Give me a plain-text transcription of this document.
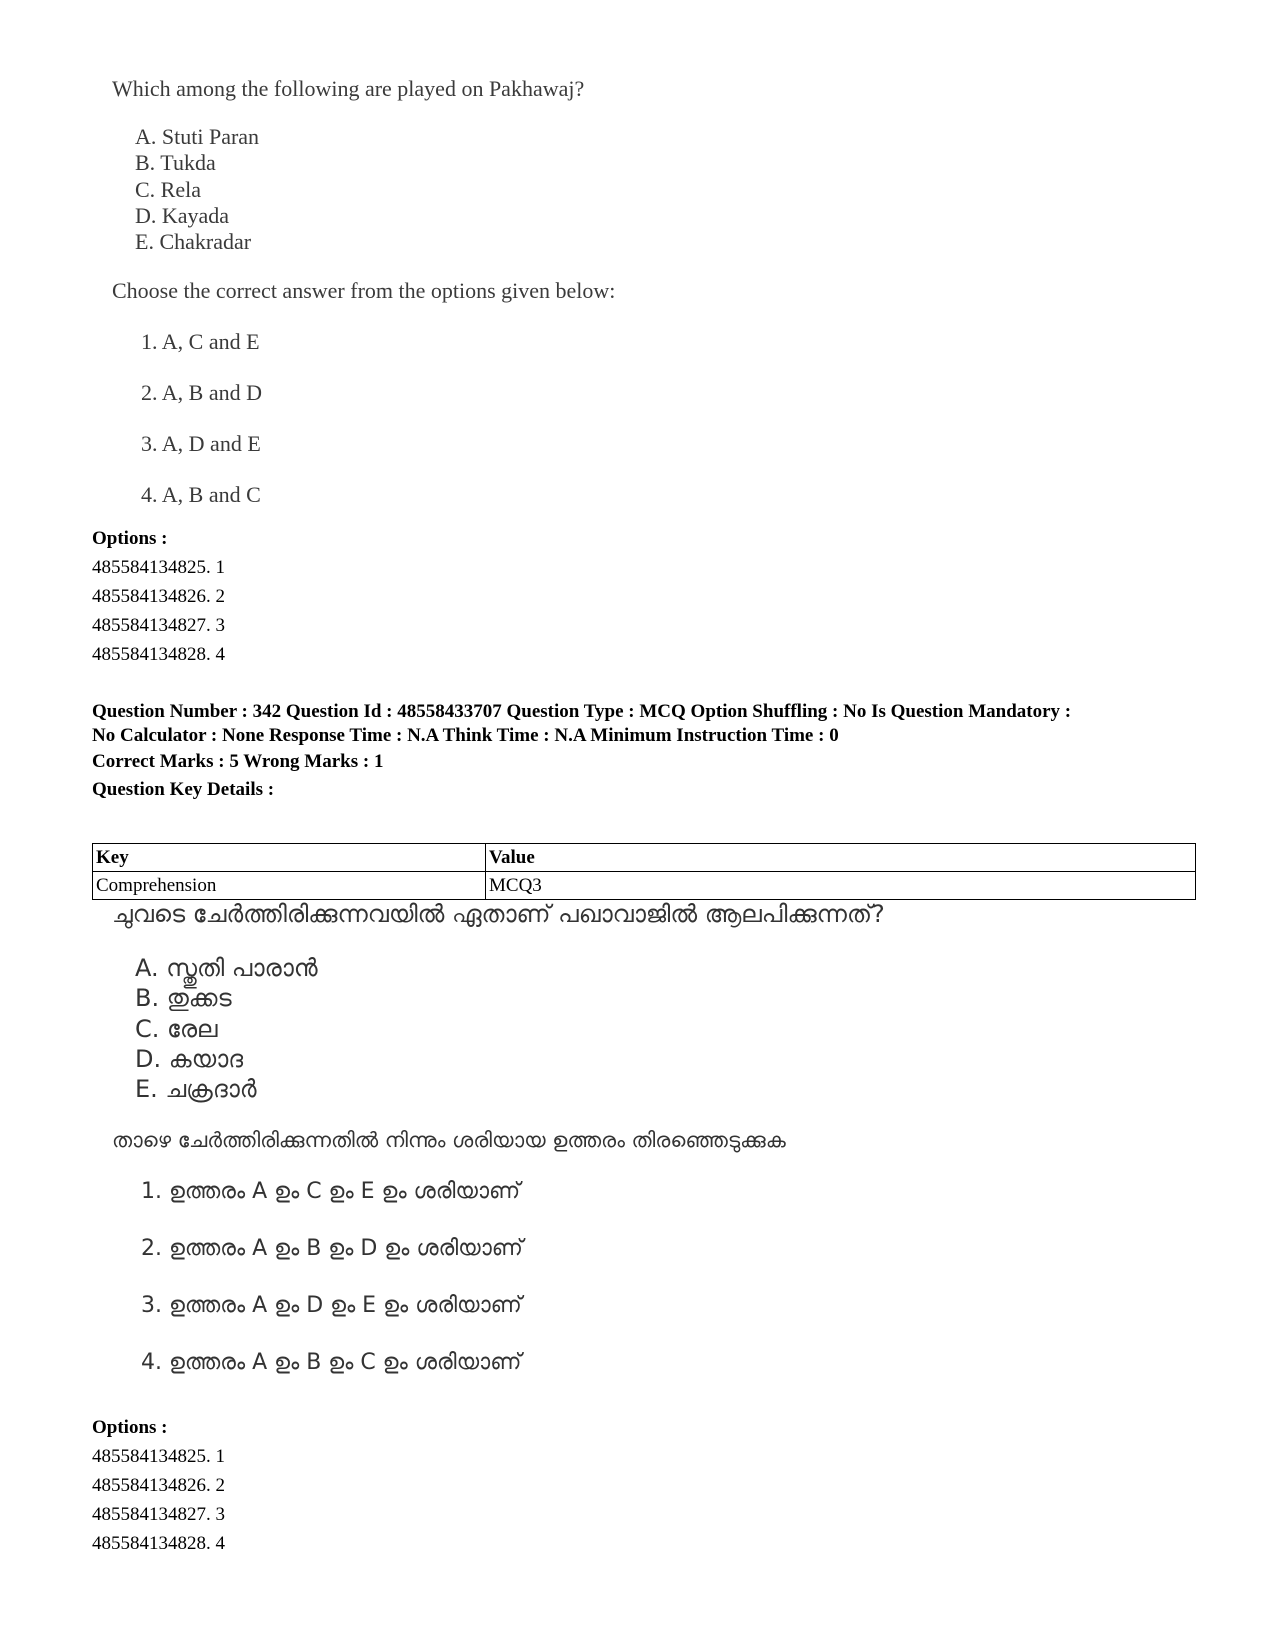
Which among the following are played on Pakhawaj?
A. Stuti Paran
B. Tukda
C. Rela
D. Kayada
E. Chakradar
Choose the correct answer from the options given below:
1. A, C and E
2. A, B and D
3. A, D and E
4. A, B and C
Options :
485584134825. 1
485584134826. 2
485584134827. 3
485584134828. 4
Question Number : 342 Question Id : 48558433707 Question Type : MCQ Option Shuffling : No Is Question Mandatory :
No Calculator : None Response Time : N.A Think Time : N.A Minimum Instruction Time : 0
Correct Marks : 5 Wrong Marks : 1
Question Key Details :
Key	Value
Comprehension	MCQ3
ചുവടെ ചേർത്തിരിക്കുന്നവയിൽ ഏതാണ് പഖാവാജിൽ ആലപിക്കുന്നത്?
A. സ്തുതി പാരാൻ
B. തുക്കട
C. രേല
D. കയാദ
E. ചക്രദാർ
താഴെ ചേർത്തിരിക്കുന്നതിൽ നിന്നും ശരിയായ ഉത്തരം തിരഞ്ഞെടുക്കുക
1. ഉത്തരം A ഉം C ഉം E ഉം ശരിയാണ്
2. ഉത്തരം A ഉം B ഉം D ഉം ശരിയാണ്
3. ഉത്തരം A ഉം D ഉം E ഉം ശരിയാണ്
4. ഉത്തരം A ഉം B ഉം C ഉം ശരിയാണ്
Options :
485584134825. 1
485584134826. 2
485584134827. 3
485584134828. 4
